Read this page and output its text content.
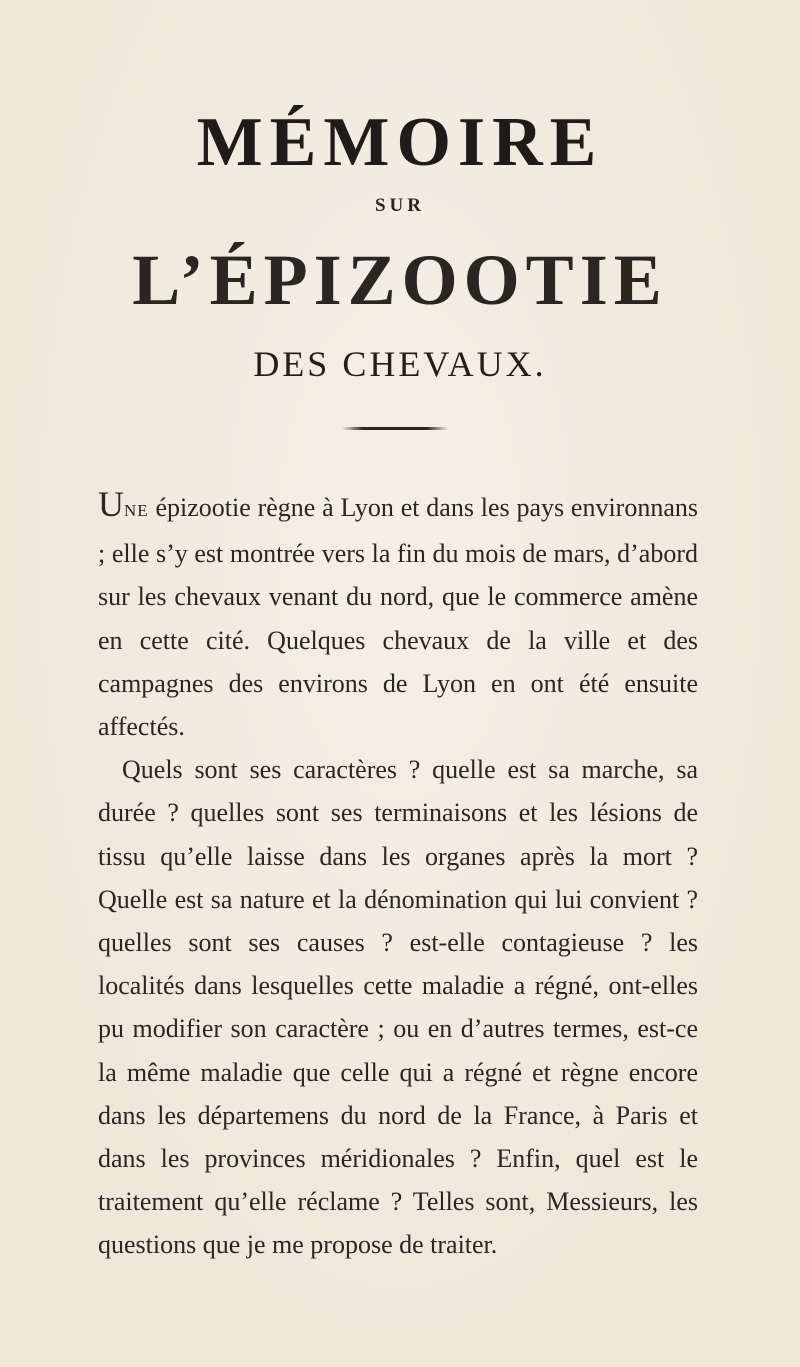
MÉMOIRE
SUR
L’ÉPIZOOTIE
DES CHEVAUX.

UNE épizootie règne à Lyon et dans les pays environnans ; elle s’y est montrée vers la fin du mois de mars, d’abord sur les chevaux venant du nord, que le commerce amène en cette cité. Quelques chevaux de la ville et des campagnes des environs de Lyon en ont été ensuite affectés.

Quels sont ses caractères ? quelle est sa marche, sa durée ? quelles sont ses terminaisons et les lésions de tissu qu’elle laisse dans les organes après la mort ? Quelle est sa nature et la dénomination qui lui convient ? quelles sont ses causes ? est-elle contagieuse ? les localités dans lesquelles cette maladie a régné, ont-elles pu modifier son caractère ; ou en d’autres termes, est-ce la même maladie que celle qui a régné et règne encore dans les départemens du nord de la France, à Paris et dans les provinces méridionales ? Enfin, quel est le traitement qu’elle réclame ? Telles sont, Messieurs, les questions que je me propose de traiter.
